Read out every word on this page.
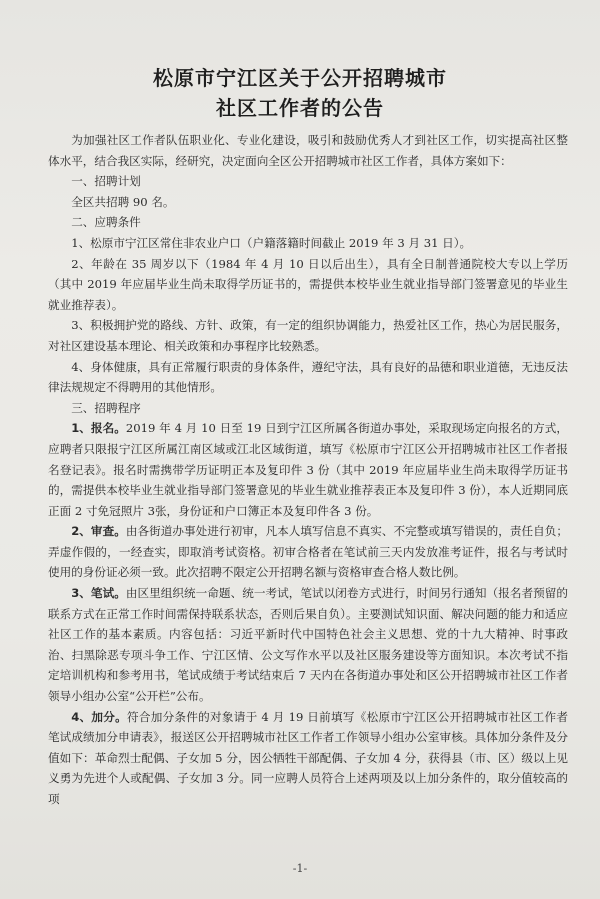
松原市宁江区关于公开招聘城市
社区工作者的公告

为加强社区工作者队伍职业化、专业化建设，吸引和鼓励优秀人才到社区工作，切实提高社区整体水平，结合我区实际，经研究，决定面向全区公开招聘城市社区工作者，具体方案如下：

一、招聘计划

全区共招聘 90 名。

二、应聘条件

1、松原市宁江区常住非农业户口（户籍落籍时间截止 2019 年 3 月 31 日）。

2、年龄在 35 周岁以下（1984 年 4 月 10 日以后出生），具有全日制普通院校大专以上学历（其中 2019 年应届毕业生尚未取得学历证书的，需提供本校毕业生就业指导部门签署意见的毕业生就业推荐表）。

3、积极拥护党的路线、方针、政策，有一定的组织协调能力，热爱社区工作，热心为居民服务，对社区建设基本理论、相关政策和办事程序比较熟悉。

4、身体健康，具有正常履行职责的身体条件，遵纪守法，具有良好的品德和职业道德，无违反法律法规规定不得聘用的其他情形。

三、招聘程序

1、报名。2019 年 4 月 10 日至 19 日到宁江区所属各街道办事处，采取现场定向报名的方式，应聘者只限报宁江区所属江南区域或江北区域街道，填写《松原市宁江区公开招聘城市社区工作者报名登记表》。报名时需携带学历证明正本及复印件 3 份（其中 2019 年应届毕业生尚未取得学历证书的，需提供本校毕业生就业指导部门签署意见的毕业生就业推荐表正本及复印件 3 份），本人近期同底正面 2 寸免冠照片 3张，身份证和户口簿正本及复印件各 3 份。

2、审查。由各街道办事处进行初审，凡本人填写信息不真实、不完整或填写错误的，责任自负；弄虚作假的，一经查实，即取消考试资格。初审合格者在笔试前三天内发放准考证件，报名与考试时使用的身份证必须一致。此次招聘不限定公开招聘名额与资格审查合格人数比例。

3、笔试。由区里组织统一命题、统一考试，笔试以闭卷方式进行，时间另行通知（报名者预留的联系方式在正常工作时间需保持联系状态，否则后果自负）。主要测试知识面、解决问题的能力和适应社区工作的基本素质。内容包括：习近平新时代中国特色社会主义思想、党的十九大精神、时事政治、扫黑除恶专项斗争工作、宁江区情、公文写作水平以及社区服务建设等方面知识。本次考试不指定培训机构和参考用书，笔试成绩于考试结束后 7 天内在各街道办事处和区公开招聘城市社区工作者领导小组办公室“公开栏”公布。

4、加分。符合加分条件的对象请于 4 月 19 日前填写《松原市宁江区公开招聘城市社区工作者笔试成绩加分申请表》，报送区公开招聘城市社区工作者工作领导小组办公室审核。具体加分条件及分值如下：革命烈士配偶、子女加 5 分，因公牺牲干部配偶、子女加 4 分，获得县（市、区）级以上见义勇为先进个人或配偶、子女加 3 分。同一应聘人员符合上述两项及以上加分条件的，取分值较高的项

-1-
